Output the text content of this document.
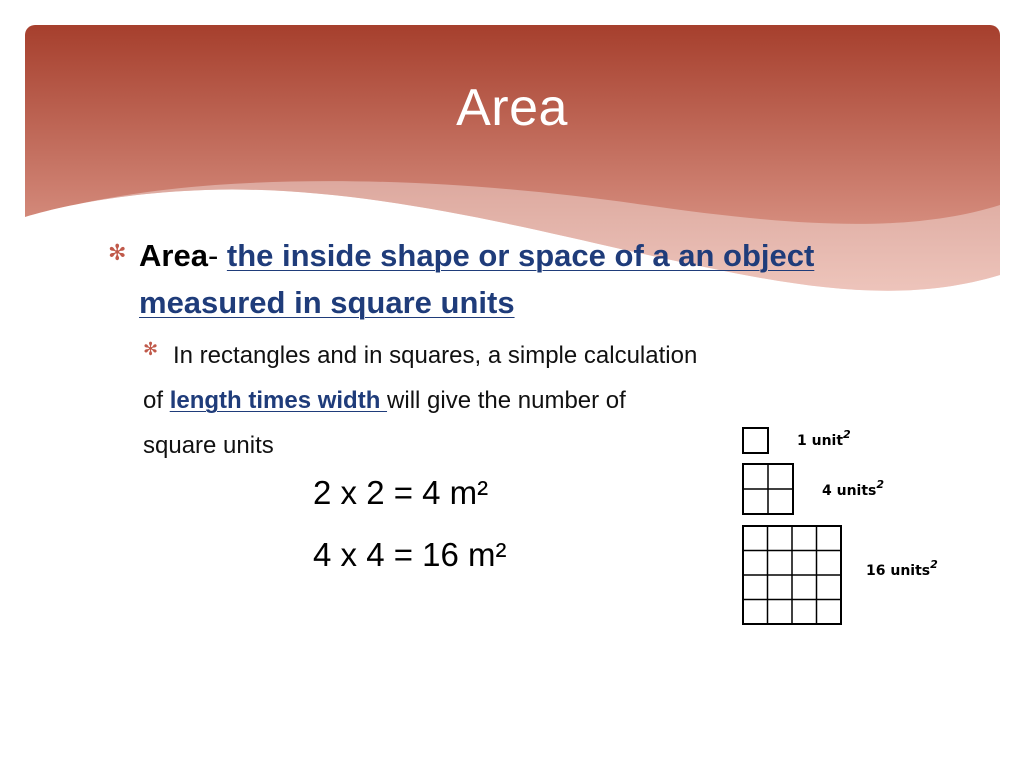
Area
✻ Area- the inside shape or space of a an object measured in square units
✻ In rectangles and in squares, a simple calculation of length times width will give the number of square units
2 x 2 = 4 m²
4 x 4 = 16 m²
1 unit$^2$
4 units$^2$
16 units$^2$
